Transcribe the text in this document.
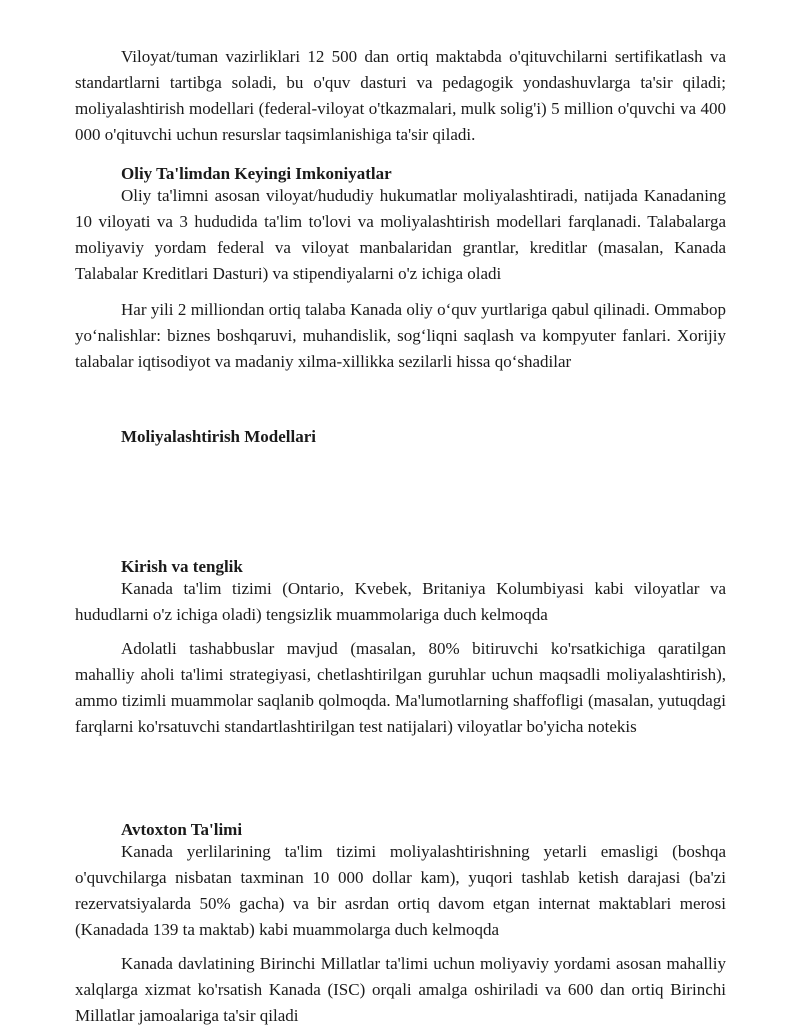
Viloyat/tuman vazirliklari 12 500 dan ortiq maktabda o'qituvchilarni sertifikatlash va standartlarni tartibga soladi, bu o'quv dasturi va pedagogik yondashuvlarga ta'sir qiladi; moliyalashtirish modellari (federal-viloyat o'tkazmalari, mulk solig'i) 5 million o'quvchi va 400 000 o'qituvchi uchun resurslar taqsimlanishiga ta'sir qiladi.

Oliy Ta'limdan Keyingi Imkoniyatlar

Oliy ta'limni asosan viloyat/hududiy hukumatlar moliyalashtiradi, natijada Kanadaning 10 viloyati va 3 hududida ta'lim to'lovi va moliyalashtirish modellari farqlanadi. Talabalarga moliyaviy yordam federal va viloyat manbalaridan grantlar, kreditlar (masalan, Kanada Talabalar Kreditlari Dasturi) va stipendiyalarni o'z ichiga oladi

Har yili 2 milliondan ortiq talaba Kanada oliy o‘quv yurtlariga qabul qilinadi. Ommabop yo‘nalishlar: biznes boshqaruvi, muhandislik, sog‘liqni saqlash va kompyuter fanlari. Xorijiy talabalar iqtisodiyot va madaniy xilma-xillikka sezilarli hissa qo‘shadilar

Moliyalashtirish Modellari
Kirish va tenglik

Kanada ta'lim tizimi (Ontario, Kvebek, Britaniya Kolumbiyasi kabi viloyatlar va hududlarni o'z ichiga oladi) tengsizlik muammolariga duch kelmoqda

Adolatli tashabbuslar mavjud (masalan, 80% bitiruvchi ko'rsatkichiga qaratilgan mahalliy aholi ta'limi strategiyasi, chetlashtirilgan guruhlar uchun maqsadli moliyalashtirish), ammo tizimli muammolar saqlanib qolmoqda. Ma'lumotlarning shaffofligi (masalan, yutuqdagi farqlarni ko'rsatuvchi standartlashtirilgan test natijalari) viloyatlar bo'yicha notekis

Avtoxton Ta'limi

Kanada yerlilarining ta'lim tizimi moliyalashtirishning yetarli emasligi (boshqa o'quvchilarga nisbatan taxminan 10 000 dollar kam), yuqori tashlab ketish darajasi (ba'zi rezervatsiyalarda 50% gacha) va bir asrdan ortiq davom etgan internat maktablari merosi (Kanadada 139 ta maktab) kabi muammolarga duch kelmoqda

Kanada davlatining Birinchi Millatlar ta'limi uchun moliyaviy yordami asosan mahalliy xalqlarga xizmat ko'rsatish Kanada (ISC) orqali amalga oshiriladi va 600 dan ortiq Birinchi Millatlar jamoalariga ta'sir qiladi
